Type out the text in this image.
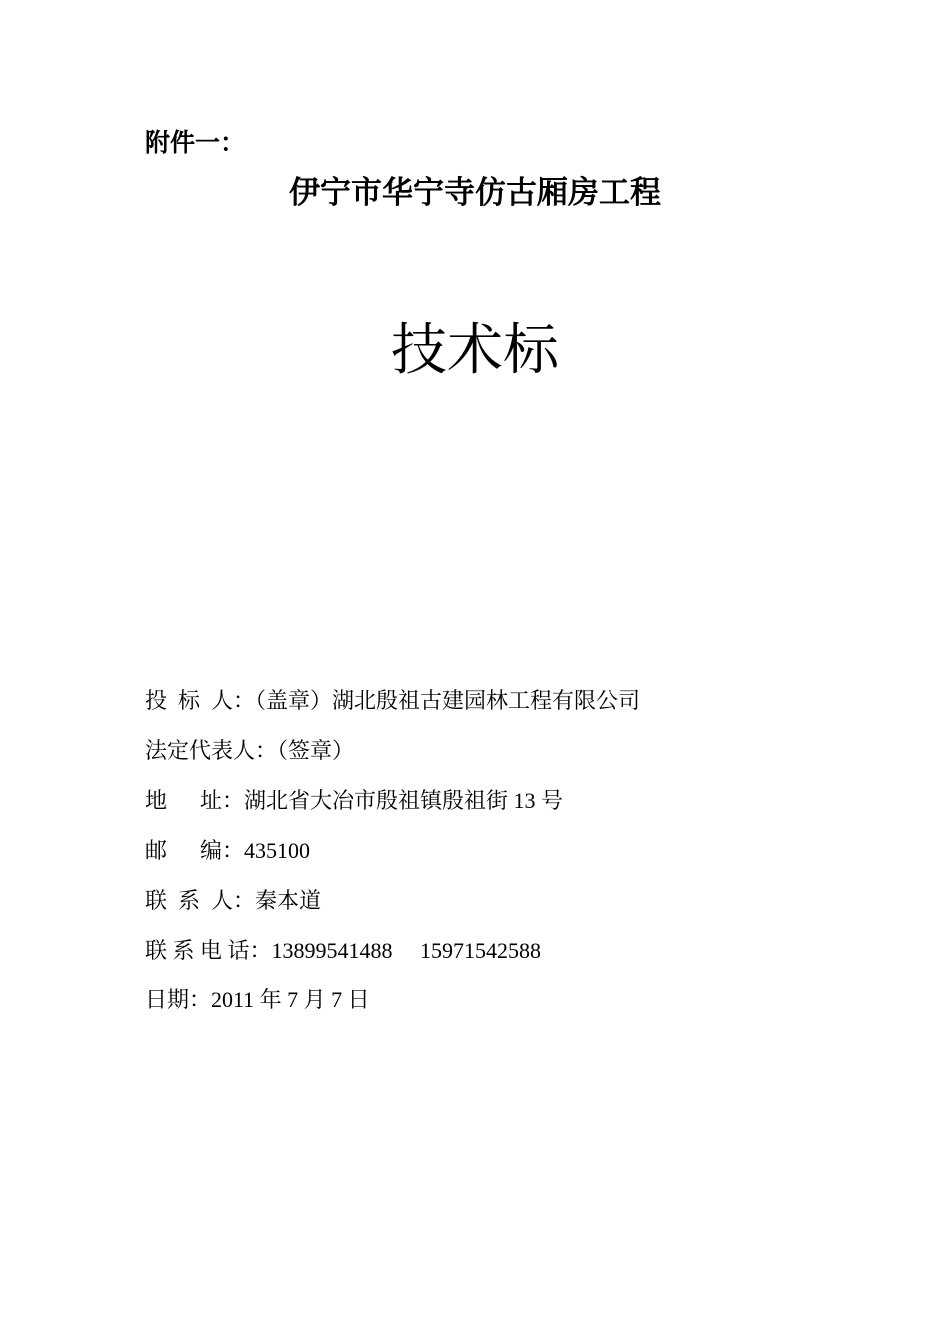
附件一：
伊宁市华宁寺仿古厢房工程
技术标
投  标  人：（盖章）湖北殷祖古建园林工程有限公司
法定代表人：（签章）
地      址：湖北省大冶市殷祖镇殷祖街 13 号
邮      编：435100
联  系  人：秦本道
联 系 电 话：13899541488     15971542588
日期：2011 年 7 月 7 日
